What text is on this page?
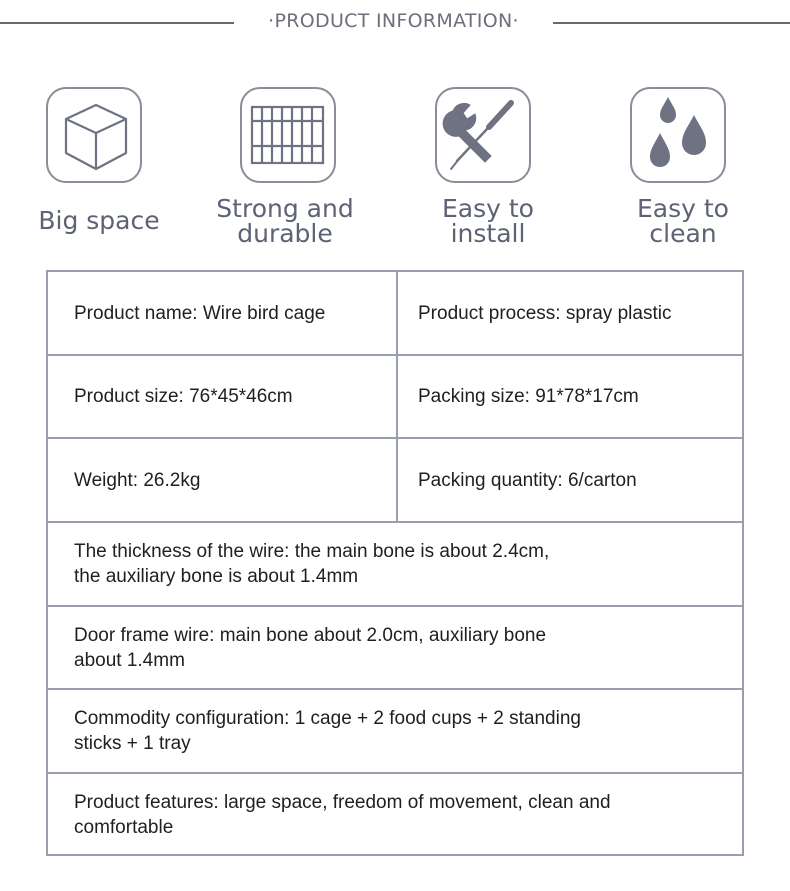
·PRODUCT INFORMATION·
Big space	Strong and
durable
Easy to
install
Easy to
clean
Product name: Wire bird cage	Product process: spray plastic
Product size: 76*45*46cm	Packing size: 91*78*17cm
Weight: 26.2kg	Packing quantity: 6/carton
The thickness of the wire: the main bone is about 2.4cm,
the auxiliary bone is about 1.4mm
Door frame wire: main bone about 2.0cm, auxiliary bone
about 1.4mm
Commodity configuration: 1 cage + 2 food cups + 2 standing
sticks + 1 tray
Product features: large space, freedom of movement, clean and
comfortable
